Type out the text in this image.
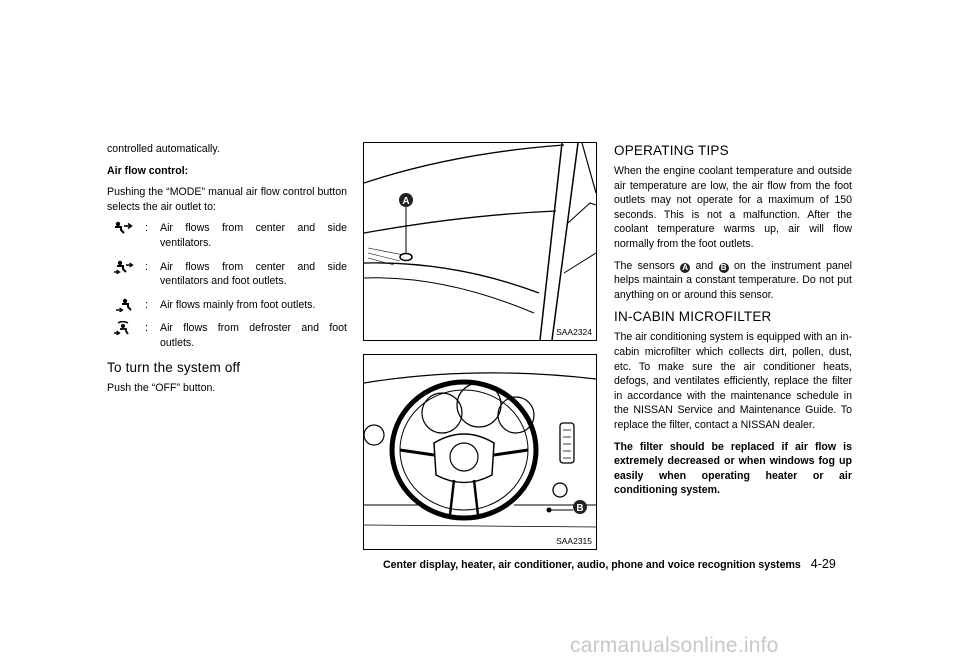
controlled automatically.

Air flow control:

Pushing the “MODE” manual air flow control button selects the air outlet to:

: Air flows from center and side ventilators.
: Air flows from center and side ventilators and foot outlets.
: Air flows mainly from foot outlets.
: Air flows from defroster and foot outlets.
To turn the system off

Push the “OFF” button.

A
SAA2324
B
SAA2315
OPERATING TIPS

When the engine coolant temperature and outside air temperature are low, the air flow from the foot outlets may not operate for a maximum of 150 seconds. This is not a malfunction. After the coolant temperature warms up, air will flow normally from the foot outlets.

The sensors A and B on the instrument panel helps maintain a constant temperature. Do not put anything on or around this sensor.

IN-CABIN MICROFILTER

The air conditioning system is equipped with an in-cabin microfilter which collects dirt, pollen, dust, etc. To make sure the air conditioner heats, defogs, and ventilates efficiently, replace the filter in accordance with the maintenance schedule in the NISSAN Service and Maintenance Guide. To replace the filter, contact a NISSAN dealer.

The filter should be replaced if air flow is extremely decreased or when windows fog up easily when operating heater or air conditioning system.

Center display, heater, air conditioner, audio, phone and voice recognition systems 4-29
carmanualsonline.info
